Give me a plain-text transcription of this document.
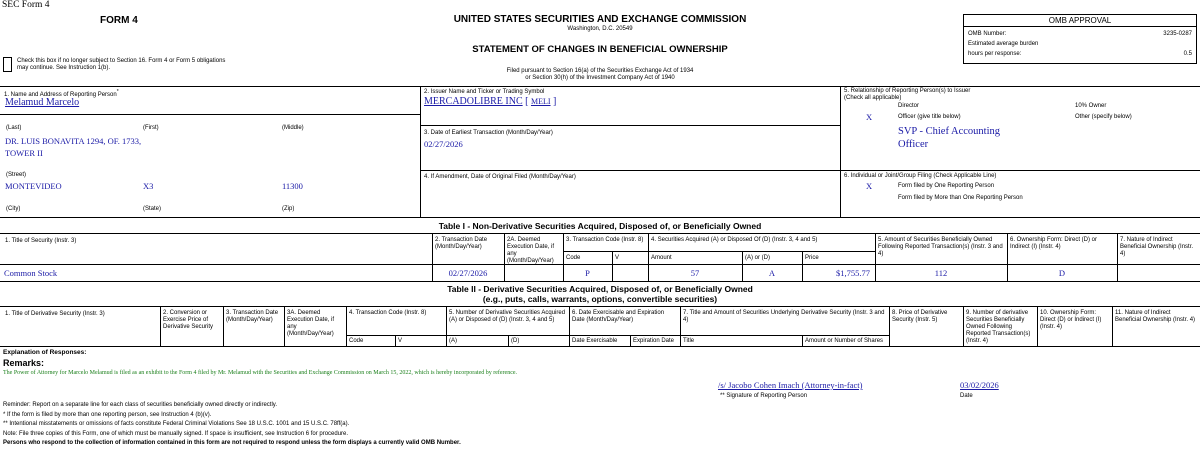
SEC Form 4
FORM 4	UNITED STATES SECURITIES AND EXCHANGE COMMISSION
Washington, D.C. 20549
STATEMENT OF CHANGES IN BENEFICIAL OWNERSHIP
Filed pursuant to Section 16(a) of the Securities Exchange Act of 1934
or Section 30(h) of the Investment Company Act of 1940
Check this box if no longer subject to Section 16. Form 4 or Form 5 obligations may continue. See Instruction 1(b).
OMB APPROVAL
OMB Number:	3235-0287
Estimated average burden
hours per response:	0.5
1. Name and Address of Reporting Person*
Melamud Marcelo
(Last)	(First)	(Middle)
DR. LUIS BONAVITA 1294, OF. 1733,
TOWER II
(Street)
MONTEVIDEO	X3	11300
(City)	(State)	(Zip)
2. Issuer Name and Ticker or Trading Symbol
MERCADOLIBRE INC [ MELI ]
3. Date of Earliest Transaction (Month/Day/Year)
02/27/2026
4. If Amendment, Date of Original Filed (Month/Day/Year)
5. Relationship of Reporting Person(s) to Issuer
(Check all applicable)
Director	10% Owner
X	Officer (give title below)	Other (specify below)
SVP - Chief Accounting Officer
6. Individual or Joint/Group Filing (Check Applicable Line)
X	Form filed by One Reporting Person
Form filed by More than One Reporting Person
Table I - Non-Derivative Securities Acquired, Disposed of, or Beneficially Owned
1. Title of Security (Instr. 3)	2. Transaction Date (Month/Day/Year)
2A. Deemed Execution Date, if any (Month/Day/Year)
3. Transaction Code (Instr. 8) 4. Securities Acquired (A) or Disposed Of (D) (Instr. 3, 4 and 5)	5. Amount of Securities Beneficially Owned Following Reported Transaction(s) (Instr. 3 and 4)
6. Ownership Form: Direct (D) or Indirect (I) (Instr. 4)
7. Nature of Indirect Beneficial Ownership (Instr. 4)
Code	V	Amount	(A) or (D)	Price
Common Stock	02/27/2026	P	57	A	$1,755.77	112	D
Table II - Derivative Securities Acquired, Disposed of, or Beneficially Owned
(e.g., puts, calls, warrants, options, convertible securities)
1. Title of Derivative Security (Instr. 3)	2. Conversion or Exercise Price of Derivative Security
3. Transaction Date (Month/Day/Year)
3A. Deemed Execution Date, if any (Month/Day/Year)
4. Transaction Code (Instr. 8)	5. Number of Derivative Securities Acquired (A) or Disposed of (D) (Instr. 3, 4 and 5)
6. Date Exercisable and Expiration Date (Month/Day/Year)
7. Title and Amount of Securities Underlying Derivative Security (Instr. 3 and 4)
8. Price of Derivative Security (Instr. 5)
9. Number of derivative Securities Beneficially Owned Following Reported Transaction(s) (Instr. 4)
10. Ownership Form: Direct (D) or Indirect (I) (Instr. 4)
11. Nature of Indirect Beneficial Ownership (Instr. 4)
Code	V	(A)	(D)	Date Exercisable	Expiration Date Title	Amount or Number of Shares
Explanation of Responses:
Remarks:
The Power of Attorney for Marcelo Melamud is filed as an exhibit to the Form 4 filed by Mr. Melamud with the Securities and Exchange Commission on March 15, 2022, which is hereby incorporated by reference.
/s/ Jacobo Cohen Imach (Attorney-in-fact)	03/02/2026
** Signature of Reporting Person	Date
Reminder: Report on a separate line for each class of securities beneficially owned directly or indirectly.
* If the form is filed by more than one reporting person, see Instruction 4 (b)(v).
** Intentional misstatements or omissions of facts constitute Federal Criminal Violations See 18 U.S.C. 1001 and 15 U.S.C. 78ff(a).
Note: File three copies of this Form, one of which must be manually signed. If space is insufficient, see Instruction 6 for procedure.
Persons who respond to the collection of information contained in this form are not required to respond unless the form displays a currently valid OMB Number.
